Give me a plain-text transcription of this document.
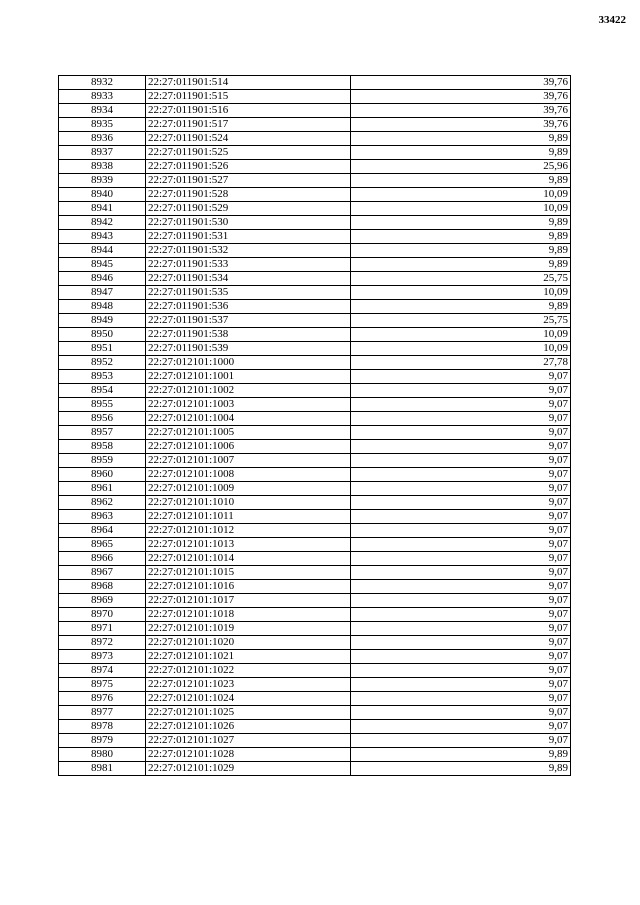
33422
8932	22:27:011901:514	39,76
8933	22:27:011901:515	39,76
8934	22:27:011901:516	39,76
8935	22:27:011901:517	39,76
8936	22:27:011901:524	9,89
8937	22:27:011901:525	9,89
8938	22:27:011901:526	25,96
8939	22:27:011901:527	9,89
8940	22:27:011901:528	10,09
8941	22:27:011901:529	10,09
8942	22:27:011901:530	9,89
8943	22:27:011901:531	9,89
8944	22:27:011901:532	9,89
8945	22:27:011901:533	9,89
8946	22:27:011901:534	25,75
8947	22:27:011901:535	10,09
8948	22:27:011901:536	9,89
8949	22:27:011901:537	25,75
8950	22:27:011901:538	10,09
8951	22:27:011901:539	10,09
8952	22:27:012101:1000	27,78
8953	22:27:012101:1001	9,07
8954	22:27:012101:1002	9,07
8955	22:27:012101:1003	9,07
8956	22:27:012101:1004	9,07
8957	22:27:012101:1005	9,07
8958	22:27:012101:1006	9,07
8959	22:27:012101:1007	9,07
8960	22:27:012101:1008	9,07
8961	22:27:012101:1009	9,07
8962	22:27:012101:1010	9,07
8963	22:27:012101:1011	9,07
8964	22:27:012101:1012	9,07
8965	22:27:012101:1013	9,07
8966	22:27:012101:1014	9,07
8967	22:27:012101:1015	9,07
8968	22:27:012101:1016	9,07
8969	22:27:012101:1017	9,07
8970	22:27:012101:1018	9,07
8971	22:27:012101:1019	9,07
8972	22:27:012101:1020	9,07
8973	22:27:012101:1021	9,07
8974	22:27:012101:1022	9,07
8975	22:27:012101:1023	9,07
8976	22:27:012101:1024	9,07
8977	22:27:012101:1025	9,07
8978	22:27:012101:1026	9,07
8979	22:27:012101:1027	9,07
8980	22:27:012101:1028	9,89
8981	22:27:012101:1029	9,89
